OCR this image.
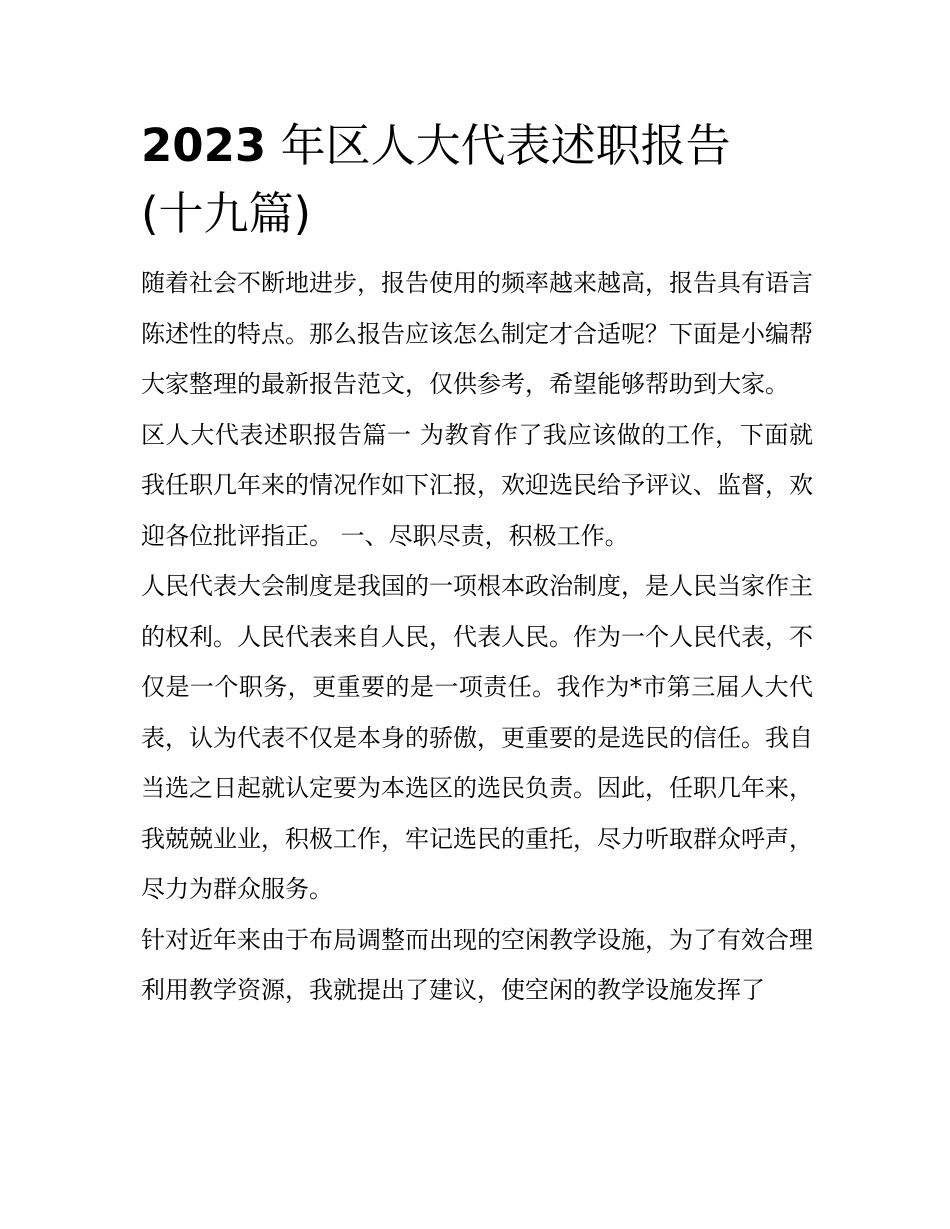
2023 年区人大代表述职报告
(十九篇)

随着社会不断地进步，报告使用的频率越来越高，报告具有语言陈述性的特点。那么报告应该怎么制定才合适呢？下面是小编帮大家整理的最新报告范文，仅供参考，希望能够帮助到大家。

区人大代表述职报告篇一 为教育作了我应该做的工作，下面就我任职几年来的情况作如下汇报，欢迎选民给予评议、监督，欢迎各位批评指正。 一、尽职尽责，积极工作。

人民代表大会制度是我国的一项根本政治制度，是人民当家作主的权利。人民代表来自人民，代表人民。作为一个人民代表，不仅是一个职务，更重要的是一项责任。我作为*市第三届人大代表，认为代表不仅是本身的骄傲，更重要的是选民的信任。我自当选之日起就认定要为本选区的选民负责。因此，任职几年来，我兢兢业业，积极工作，牢记选民的重托，尽力听取群众呼声，尽力为群众服务。

针对近年来由于布局调整而出现的空闲教学设施，为了有效合理利用教学资源，我就提出了建议，使空闲的教学设施发挥了
